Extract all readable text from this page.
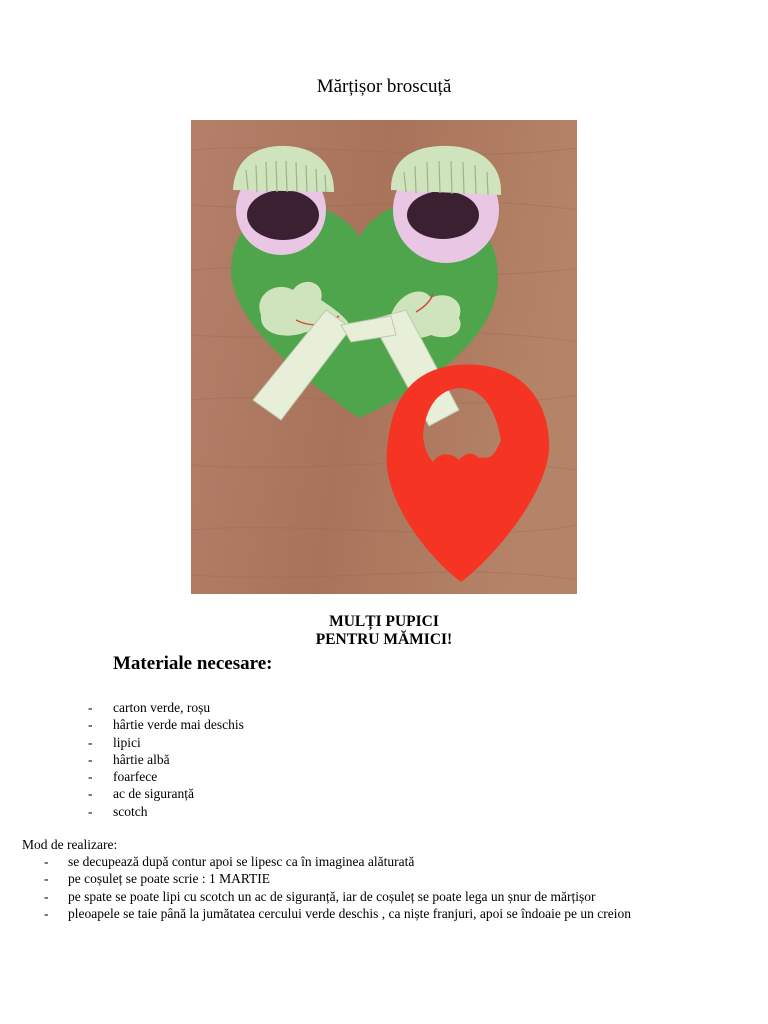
Mărțișor broscuță
MULȚI PUPICI
PENTRU MĂMICI!
Materiale necesare:
- carton verde, roșu
- hârtie verde mai deschis
- lipici
- hârtie albă
- foarfece
- ac de siguranță
- scotch
Mod de realizare:
- se decupează după contur apoi se lipesc ca în imaginea alăturată
- pe coșuleț se poate scrie : 1 MARTIE
- pe spate se poate lipi cu scotch un ac de siguranță, iar de coșuleț se poate lega un șnur de mărțișor
- pleoapele se taie până la jumătatea cercului verde deschis , ca niște franjuri, apoi se îndoaie pe un creion
